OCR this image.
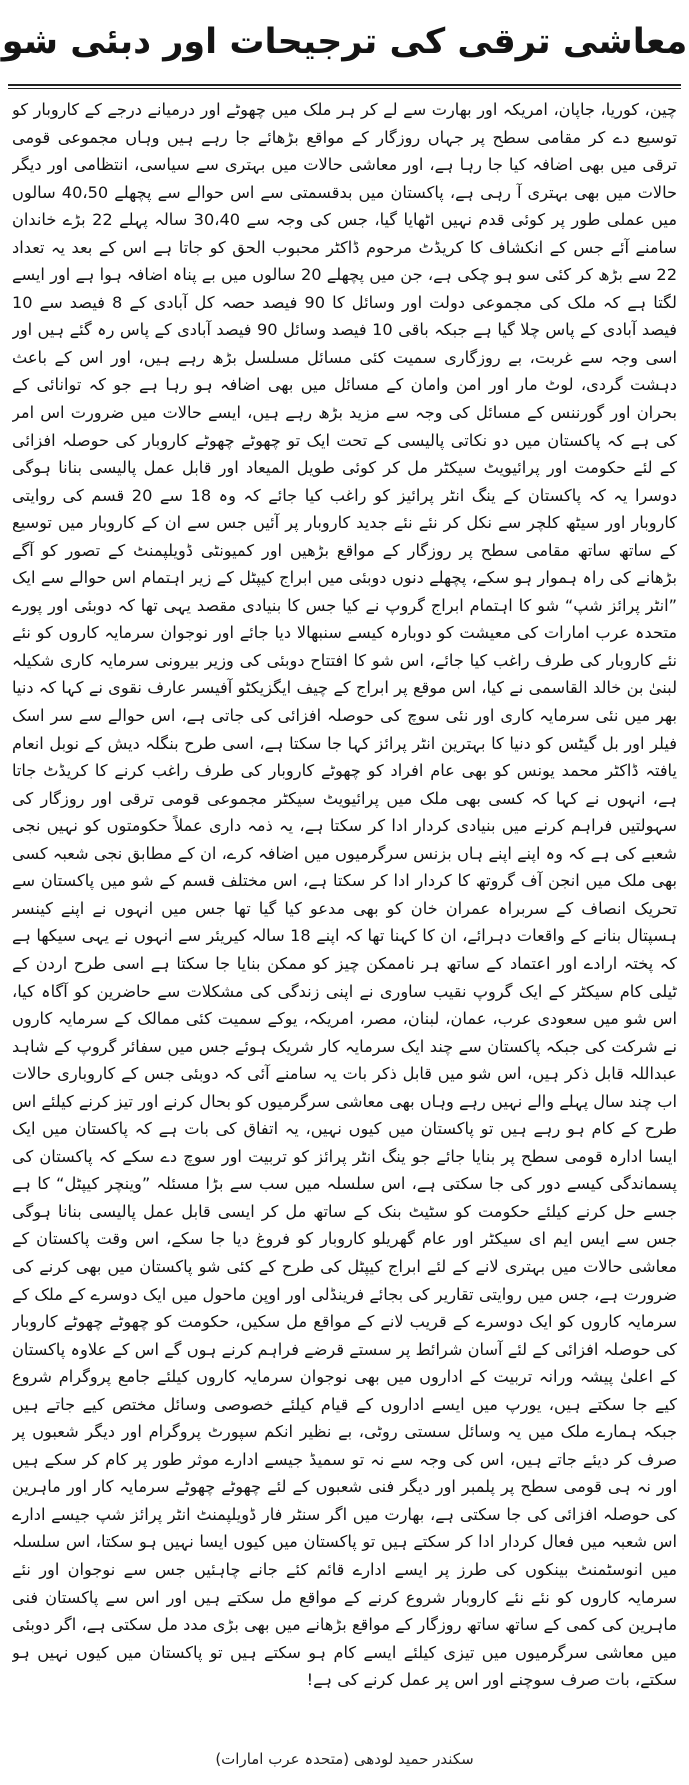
معاشی ترقی کی ترجیحات اور دبئی شو

چین، کوریا، جاپان، امریکہ اور بھارت سے لے کر ہر ملک میں چھوٹے اور درمیانے درجے کے کاروبار کو توسیع دے کر مقامی سطح پر جہاں روزگار کے مواقع بڑھائے جا رہے ہیں وہاں مجموعی قومی ترقی میں بھی اضافہ کیا جا رہا ہے، اور معاشی حالات میں بہتری سے سیاسی، انتظامی اور دیگر حالات میں بھی بہتری آ رہی ہے، پاکستان میں بدقسمتی سے اس حوالے سے پچھلے 40،50 سالوں میں عملی طور پر کوئی قدم نہیں اٹھایا گیا، جس کی وجہ سے 30،40 سالہ پہلے 22 بڑے خاندان سامنے آئے جس کے انکشاف کا کریڈٹ مرحوم ڈاکٹر محبوب الحق کو جاتا ہے اس کے بعد یہ تعداد 22 سے بڑھ کر کئی سو ہو چکی ہے، جن میں پچھلے 20 سالوں میں بے پناہ اضافہ ہوا ہے اور ایسے لگتا ہے کہ ملک کی مجموعی دولت اور وسائل کا 90 فیصد حصہ کل آبادی کے 8 فیصد سے 10 فیصد آبادی کے پاس چلا گیا ہے جبکہ باقی 10 فیصد وسائل 90 فیصد آبادی کے پاس رہ گئے ہیں اور اسی وجہ سے غربت، بے روزگاری سمیت کئی مسائل مسلسل بڑھ رہے ہیں، اور اس کے باعث دہشت گردی، لوٹ مار اور امن وامان کے مسائل میں بھی اضافہ ہو رہا ہے جو کہ توانائی کے بحران اور گورننس کے مسائل کی وجہ سے مزید بڑھ رہے ہیں، ایسے حالات میں ضرورت اس امر کی ہے کہ پاکستان میں دو نکاتی پالیسی کے تحت ایک تو چھوٹے چھوٹے کاروبار کی حوصلہ افزائی کے لئے حکومت اور پرائیویٹ سیکٹر مل کر کوئی طویل المیعاد اور قابل عمل پالیسی بنانا ہوگی دوسرا یہ کہ پاکستان کے ینگ انٹر پرائیز کو راغب کیا جائے کہ وہ 18 سے 20 قسم کی روایتی کاروبار اور سیٹھ کلچر سے نکل کر نئے نئے جدید کاروبار پر آئیں جس سے ان کے کاروبار میں توسیع کے ساتھ ساتھ مقامی سطح پر روزگار کے مواقع بڑھیں اور کمیونٹی ڈویلپمنٹ کے تصور کو آگے بڑھانے کی راہ ہموار ہو سکے، پچھلے دنوں دوبئی میں ابراج کیپٹل کے زیر اہتمام اس حوالے سے ایک ”انٹر پرائز شپ“ شو کا اہتمام ابراج گروپ نے کیا جس کا بنیادی مقصد یہی تھا کہ دوبئی اور پورے متحدہ عرب امارات کی معیشت کو دوبارہ کیسے سنبھالا دیا جائے اور نوجوان سرمایہ کاروں کو نئے نئے کاروبار کی طرف راغب کیا جائے، اس شو کا افتتاح دوبئی کی وزیر بیرونی سرمایہ کاری شکیلہ لبنیٰ بن خالد القاسمی نے کیا، اس موقع پر ابراج کے چیف ایگزیکٹو آفیسر عارف نقوی نے کہا کہ دنیا بھر میں نئی سرمایہ کاری اور نئی سوچ کی حوصلہ افزائی کی جاتی ہے، اس حوالے سے سر اسک فیلر اور بل گیٹس کو دنیا کا بہترین انٹر پرائز کہا جا سکتا ہے، اسی طرح بنگلہ دیش کے نوبل انعام یافتہ ڈاکٹر محمد یونس کو بھی عام افراد کو چھوٹے کاروبار کی طرف راغب کرنے کا کریڈٹ جاتا ہے، انہوں نے کہا کہ کسی بھی ملک میں پرائیویٹ سیکٹر مجموعی قومی ترقی اور روزگار کی سہولتیں فراہم کرنے میں بنیادی کردار ادا کر سکتا ہے، یہ ذمہ داری عملاً حکومتوں کو نہیں نجی شعبے کی ہے کہ وہ اپنے اپنے ہاں بزنس سرگرمیوں میں اضافہ کرے، ان کے مطابق نجی شعبہ کسی بھی ملک میں انجن آف گروتھ کا کردار ادا کر سکتا ہے، اس مختلف قسم کے شو میں پاکستان سے تحریک انصاف کے سربراہ عمران خان کو بھی مدعو کیا گیا تھا جس میں انہوں نے اپنے کینسر ہسپتال بنانے کے واقعات دہرائے، ان کا کہنا تھا کہ اپنے 18 سالہ کیریئر سے انہوں نے یہی سیکھا ہے کہ پختہ ارادے اور اعتماد کے ساتھ ہر ناممکن چیز کو ممکن بنایا جا سکتا ہے اسی طرح اردن کے ٹیلی کام سیکٹر کے ایک گروپ نقیب ساوری نے اپنی زندگی کی مشکلات سے حاضرین کو آگاہ کیا، اس شو میں سعودی عرب، عمان، لبنان، مصر، امریکہ، یوکے سمیت کئی ممالک کے سرمایہ کاروں نے شرکت کی جبکہ پاکستان سے چند ایک سرمایہ کار شریک ہوئے جس میں سفائر گروپ کے شاہد عبداللہ قابل ذکر ہیں، اس شو میں قابل ذکر بات یہ سامنے آئی کہ دوبئی جس کے کاروباری حالات اب چند سال پہلے والے نہیں رہے وہاں بھی معاشی سرگرمیوں کو بحال کرنے اور تیز کرنے کیلئے اس طرح کے کام ہو رہے ہیں تو پاکستان میں کیوں نہیں، یہ اتفاق کی بات ہے کہ پاکستان میں ایک ایسا ادارہ قومی سطح پر بنایا جائے جو ینگ انٹر پرائز کو تربیت اور سوچ دے سکے کہ پاکستان کی پسماندگی کیسے دور کی جا سکتی ہے، اس سلسلہ میں سب سے بڑا مسئلہ ”وینچر کیپٹل“ کا ہے جسے حل کرنے کیلئے حکومت کو سٹیٹ بنک کے ساتھ مل کر ایسی قابل عمل پالیسی بنانا ہوگی جس سے ایس ایم ای سیکٹر اور عام گھریلو کاروبار کو فروغ دیا جا سکے، اس وقت پاکستان کے معاشی حالات میں بہتری لانے کے لئے ابراج کیپٹل کی طرح کے کئی شو پاکستان میں بھی کرنے کی ضرورت ہے، جس میں روایتی تقاریر کی بجائے فرینڈلی اور اوپن ماحول میں ایک دوسرے کے ملک کے سرمایہ کاروں کو ایک دوسرے کے قریب لانے کے مواقع مل سکیں، حکومت کو چھوٹے چھوٹے کاروبار کی حوصلہ افزائی کے لئے آسان شرائط پر سستے قرضے فراہم کرنے ہوں گے اس کے علاوہ پاکستان کے اعلیٰ پیشہ ورانہ تربیت کے اداروں میں بھی نوجوان سرمایہ کاروں کیلئے جامع پروگرام شروع کیے جا سکتے ہیں، یورپ میں ایسے اداروں کے قیام کیلئے خصوصی وسائل مختص کیے جاتے ہیں جبکہ ہمارے ملک میں یہ وسائل سستی روٹی، بے نظیر انکم سپورٹ پروگرام اور دیگر شعبوں پر صرف کر دیئے جاتے ہیں، اس کی وجہ سے نہ تو سمیڈ جیسے ادارے موثر طور پر کام کر سکے ہیں اور نہ ہی قومی سطح پر پلمبر اور دیگر فنی شعبوں کے لئے چھوٹے چھوٹے سرمایہ کار اور ماہرین کی حوصلہ افزائی کی جا سکتی ہے، بھارت میں اگر سنٹر فار ڈویلپمنٹ انٹر پرائز شپ جیسے ادارے اس شعبہ میں فعال کردار ادا کر سکتے ہیں تو پاکستان میں کیوں ایسا نہیں ہو سکتا، اس سلسلہ میں انوسٹمنٹ بینکوں کی طرز پر ایسے ادارے قائم کئے جانے چاہئیں جس سے نوجوان اور نئے سرمایہ کاروں کو نئے نئے کاروبار شروع کرنے کے مواقع مل سکتے ہیں اور اس سے پاکستان فنی ماہرین کی کمی کے ساتھ ساتھ روزگار کے مواقع بڑھانے میں بھی بڑی مدد مل سکتی ہے، اگر دوبئی میں معاشی سرگرمیوں میں تیزی کیلئے ایسے کام ہو سکتے ہیں تو پاکستان میں کیوں نہیں ہو سکتے، بات صرف سوچنے اور اس پر عمل کرنے کی ہے!

سکندر حمید لودھی (متحدہ عرب امارات)
